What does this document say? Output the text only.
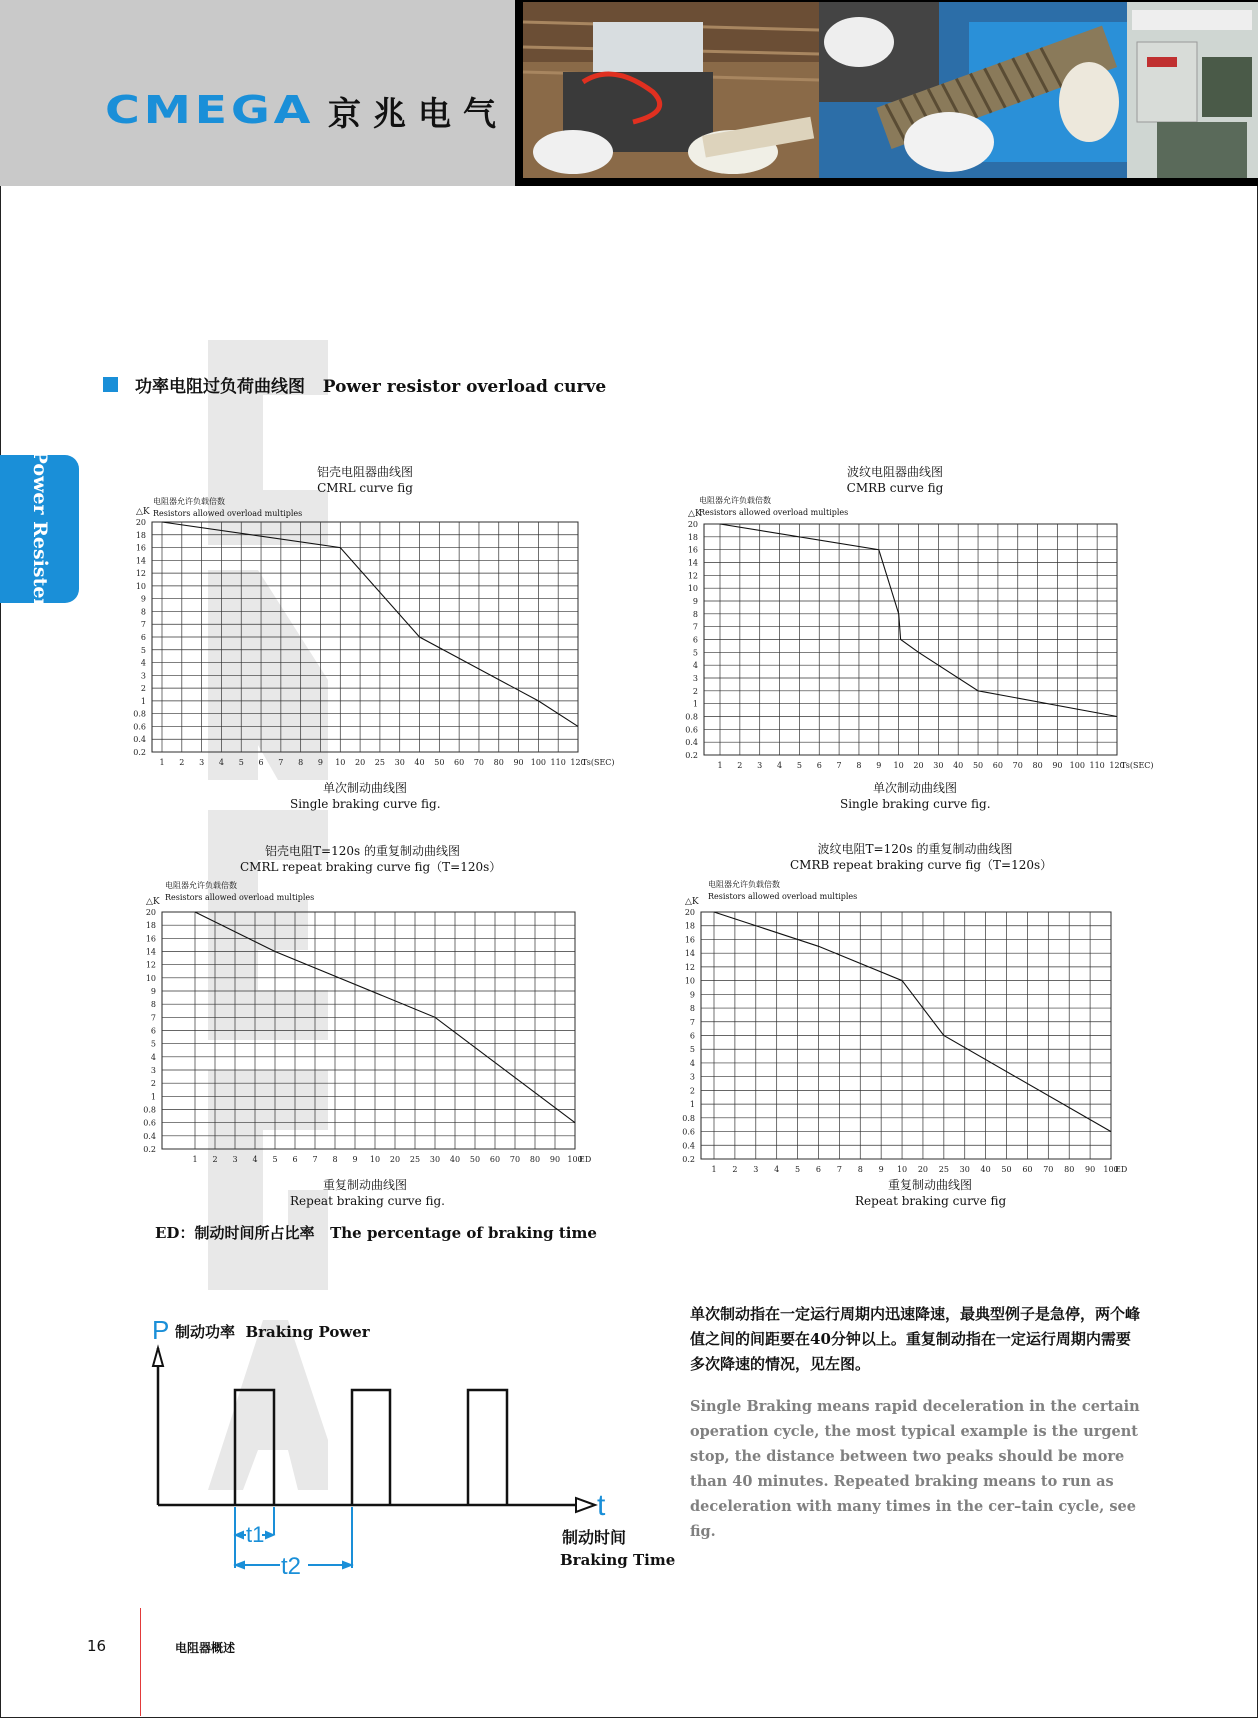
CMEGA 京兆电气
Power Resister
功率电阻过负荷曲线图   Power resistor overload curve
铝壳电阻器曲线图
CMRL curve fig
电阻器允许负载倍数
Resistors allowed overload multiples
20
18
16
14
12
10
9
8
7
6
5
4
3
2
1
0.8
0.6
0.4
0.2
1 2 3 4 5 6 7 8 9 10 20 25 30 40 50 60 70 80 90 100 110 120
Ts(SEC)
△K
单次制动曲线图
Single braking curve fig.
波纹电阻器曲线图
CMRB curve fig
电阻器允许负载倍数
Resistors allowed overload multiples
20
18
16
14
12
10
9
8
7
6
5
4
3
2
1
0.8
0.6
0.4
0.2
1 2 3 4 5 6 7 8 9 10 20 30 40 50 60 70 80 90 100 110 120
Ts(SEC)
△K
单次制动曲线图
Single braking curve fig.
铝壳电阻T=120s 的重复制动曲线图
CMRL repeat braking curve fig（T=120s）
电阻器允许负载倍数
Resistors allowed overload multiples
20
18
16
14
12
10
9
8
7
6
5
4
3
2
1
0.8
0.6
0.4
0.2
1 2 3 4 5 6 7 8 9 10 20 25 30 40 50 60 70 80 90 100
ED
△K
重复制动曲线图
Repeat braking curve fig.
波纹电阻T=120s 的重复制动曲线图
CMRB repeat braking curve fig（T=120s）
电阻器允许负载倍数
Resistors allowed overload multiples
20
18
16
14
12
10
9
8
7
6
5
4
3
2
1
0.8
0.6
0.4
0.2
1 2 3 4 5 6 7 8 9 10 20 25 30 40 50 60 70 80 90 100
ED
△K
重复制动曲线图
Repeat braking curve fig
ED：制动时间所占比率   The percentage of braking time
P 制动功率  Braking Power
t
t1
t2
制动时间
Braking Time
单次制动指在一定运行周期内迅速降速，最典型例子是急停，两个峰值之间的间距要在40分钟以上。重复制动指在一定运行周期内需要多次降速的情况，见左图。
Single Braking means rapid deceleration in the certain operation cycle, the most typical example is the urgent stop, the distance between two peaks should be more than 40 minutes. Repeated braking means to run as deceleration with many times in the cer–tain cycle, see fig.
16	电阻器概述
